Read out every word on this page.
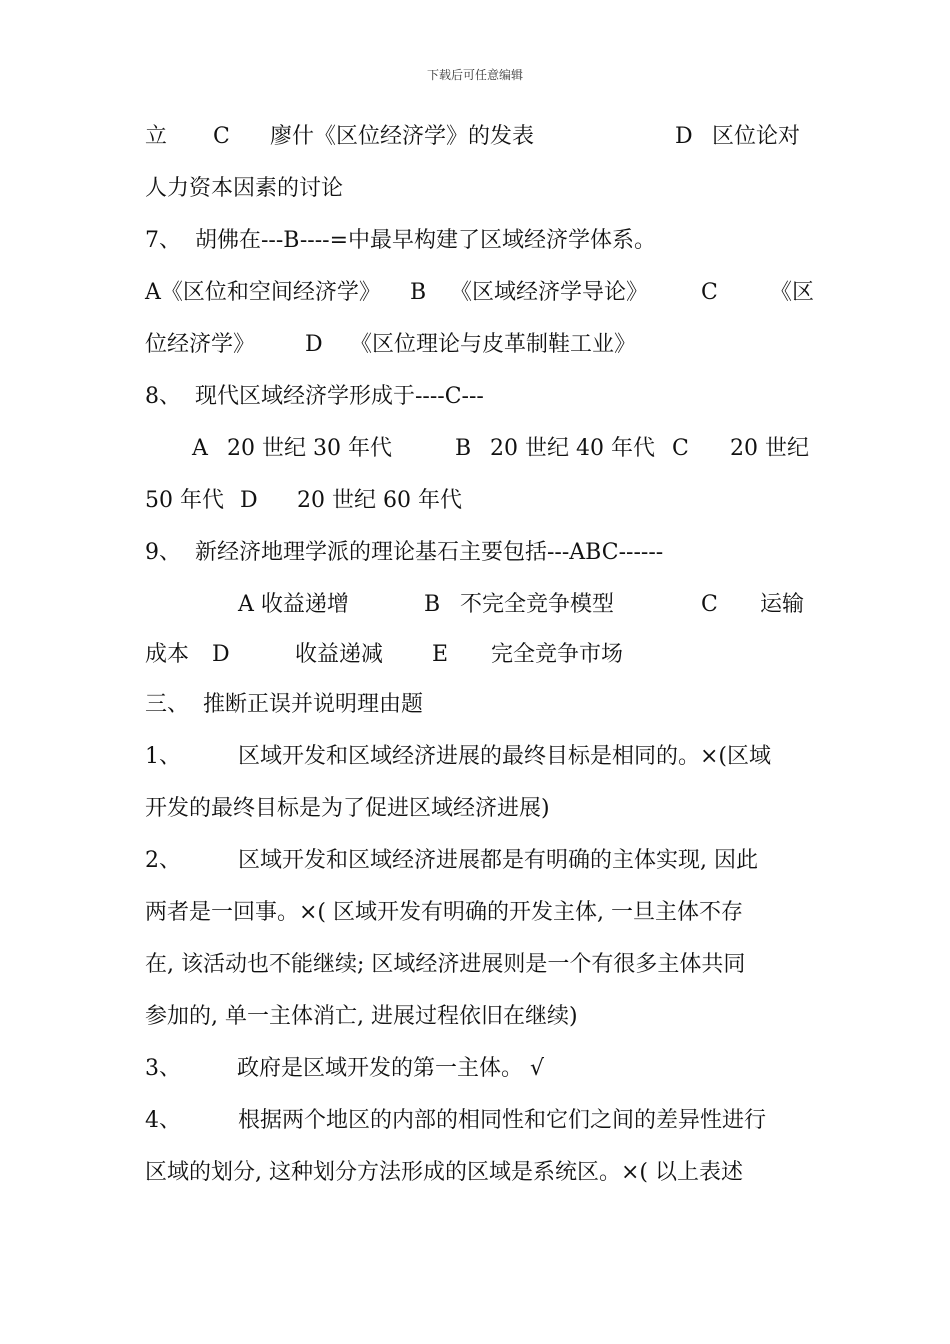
下载后可任意编辑
立 C 廖什《区位经济学》的发表	D 区位论对
人力资本因素的讨论
7、  胡佛在---B----=中最早构建了区域经济学体系。
A《区位和空间经济学》 B 《区域经济学导论》 C 《区
位经济学》 D 《区位理论与皮革制鞋工业》
8、  现代区域经济学形成于----C---
A 20 世纪 30 年代	B 20 世纪 40 年代 C 20 世纪
50 年代 D 20 世纪 60 年代
9、  新经济地理学派的理论基石主要包括---ABC------
A 收益递增	B 不完全竞争模型	C 运输
成本 D	收益递减 E 完全竞争市场
三、  推断正误并说明理由题
1、	区域开发和区域经济进展的最终目标是相同的。×(区域
开发的最终目标是为了促进区域经济进展)
2、	区域开发和区域经济进展都是有明确的主体实现, 因此
两者是一回事。×( 区域开发有明确的开发主体, 一旦主体不存
在, 该活动也不能继续; 区域经济进展则是一个有很多主体共同
参加的, 单一主体消亡, 进展过程依旧在继续)
3、	政府是区域开发的第一主体。 √
4、	根据两个地区的内部的相同性和它们之间的差异性进行
区域的划分, 这种划分方法形成的区域是系统区。×( 以上表述
